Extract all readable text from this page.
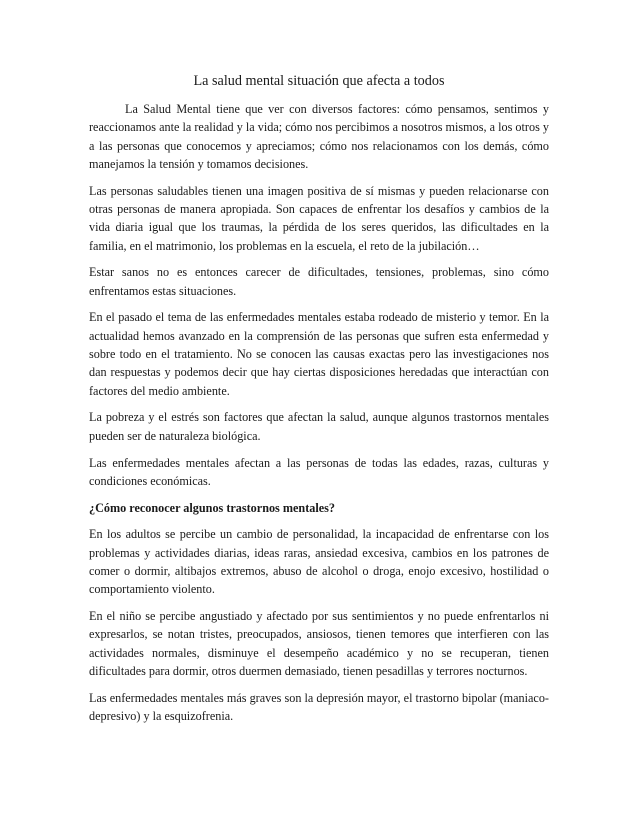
La salud mental situación que afecta a todos

La Salud Mental tiene que ver con diversos factores: cómo pensamos, sentimos y reaccionamos ante la realidad y la vida; cómo nos percibimos a nosotros mismos, a los otros y a las personas que conocemos y apreciamos; cómo nos relacionamos con los demás, cómo manejamos la tensión y tomamos decisiones.

Las personas saludables tienen una imagen positiva de sí mismas y pueden relacionarse con otras personas de manera apropiada. Son capaces de enfrentar los desafíos y cambios de la vida diaria igual que los traumas, la pérdida de los seres queridos, las dificultades en la familia, en el matrimonio, los problemas en la escuela, el reto de la jubilación…

Estar sanos no es entonces carecer de dificultades, tensiones, problemas, sino cómo enfrentamos estas situaciones.

En el pasado el tema de las enfermedades mentales estaba rodeado de misterio y temor. En la actualidad hemos avanzado en la comprensión de las personas que sufren esta enfermedad y sobre todo en el tratamiento. No se conocen las causas exactas pero las investigaciones nos dan respuestas y podemos decir que hay ciertas disposiciones heredadas que interactúan con factores del medio ambiente.

La pobreza y el estrés son factores que afectan la salud, aunque algunos trastornos mentales pueden ser de naturaleza biológica.

Las enfermedades mentales afectan a las personas de todas las edades, razas, culturas y condiciones económicas.

¿Cómo reconocer algunos trastornos mentales?

En los adultos se percibe un cambio de personalidad, la incapacidad de enfrentarse con los problemas y actividades diarias, ideas raras, ansiedad excesiva, cambios en los patrones de comer o dormir, altibajos extremos, abuso de alcohol o droga, enojo excesivo, hostilidad o comportamiento violento.

En el niño se percibe angustiado y afectado por sus sentimientos y no puede enfrentarlos ni expresarlos, se notan tristes, preocupados, ansiosos, tienen temores que interfieren con las actividades normales, disminuye el desempeño académico y no se recuperan, tienen dificultades para dormir, otros duermen demasiado, tienen pesadillas y terrores nocturnos.

Las enfermedades mentales más graves son la depresión mayor, el trastorno bipolar (maniaco-depresivo) y la esquizofrenia.
